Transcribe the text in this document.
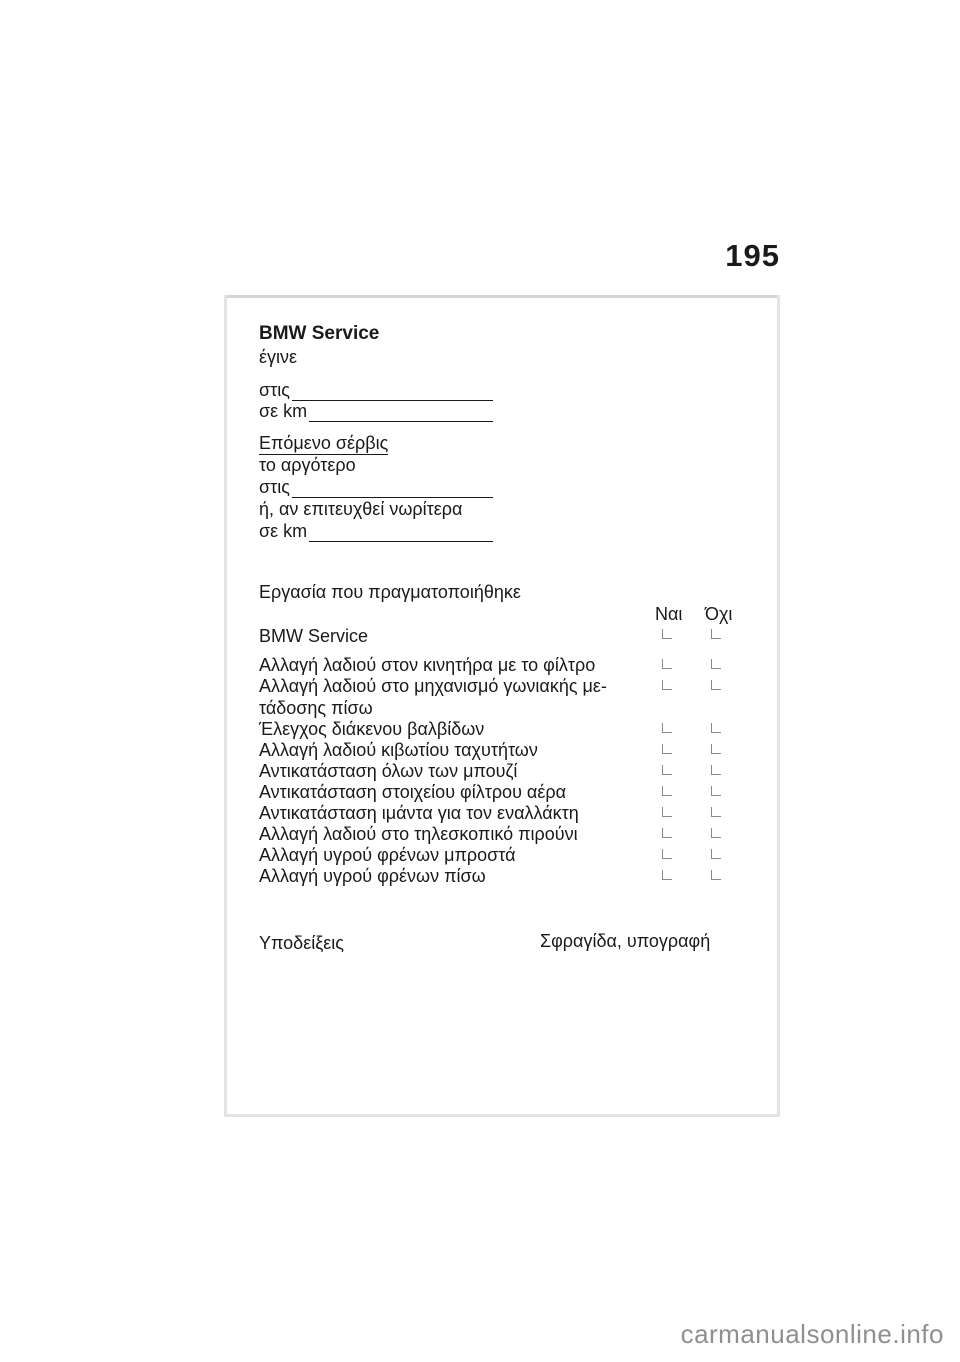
195
BMW Service
έγινε
στις
σε km
Επόμενο σέρβις
το αργότερο
στις
ή, αν επιτευχθεί νωρίτερα
σε km
Εργασία που πραγματοποιήθηκε
Ναι Όχι
BMW Service
Αλλαγή λαδιού στον κινητήρα με το φίλτρο
Αλλαγή λαδιού στο μηχανισμό γωνιακής με-
τάδοσης πίσω
Έλεγχος διάκενου βαλβίδων
Αλλαγή λαδιού κιβωτίου ταχυτήτων
Αντικατάσταση όλων των μπουζί
Αντικατάσταση στοιχείου φίλτρου αέρα
Αντικατάσταση ιμάντα για τον εναλλάκτη
Αλλαγή λαδιού στο τηλεσκοπικό πιρούνι
Αλλαγή υγρού φρένων μπροστά
Αλλαγή υγρού φρένων πίσω
Υποδείξεις	Σφραγίδα, υπογραφή
carmanualsonline.info
